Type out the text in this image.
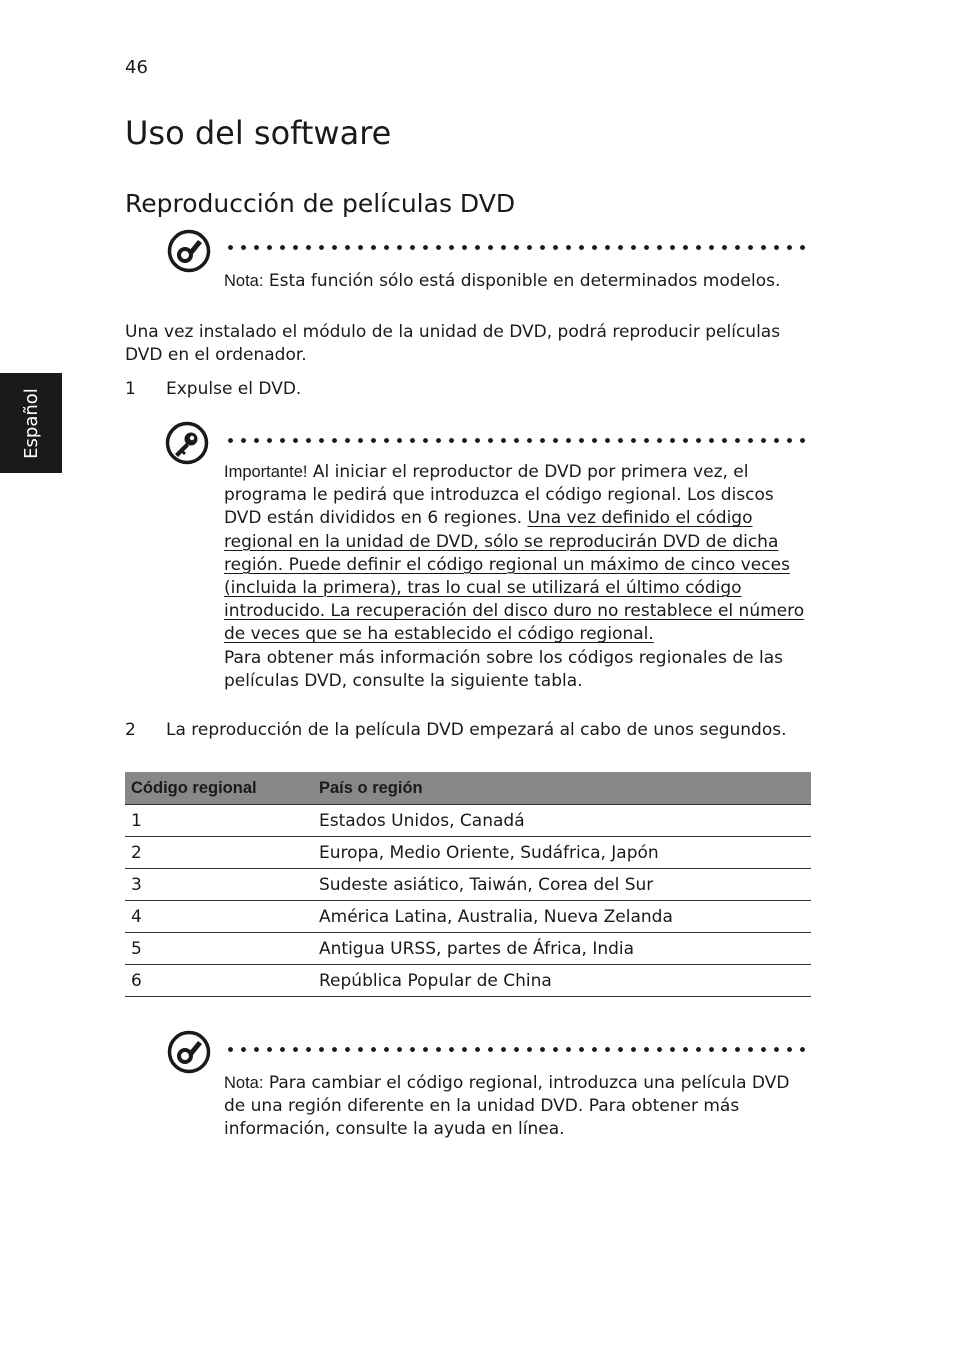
46
Español
Uso del software
Reproducción de películas DVD
Nota: Esta función sólo está disponible en determinados modelos.
Una vez instalado el módulo de la unidad de DVD, podrá reproducir películas DVD en el ordenador.
1 Expulse el DVD.
Importante! Al iniciar el reproductor de DVD por primera vez, el programa le pedirá que introduzca el código regional. Los discos DVD están divididos en 6 regiones. Una vez definido el código regional en la unidad de DVD, sólo se reproducirán DVD de dicha región. Puede definir el código regional un máximo de cinco veces (incluida la primera), tras lo cual se utilizará el último código introducido. La recuperación del disco duro no restablece el número de veces que se ha establecido el código regional.
Para obtener más información sobre los códigos regionales de las películas DVD, consulte la siguiente tabla.
2 La reproducción de la película DVD empezará al cabo de unos segundos.
Código regional	País o región
1	Estados Unidos, Canadá
2	Europa, Medio Oriente, Sudáfrica, Japón
3	Sudeste asiático, Taiwán, Corea del Sur
4	América Latina, Australia, Nueva Zelanda
5	Antigua URSS, partes de África, India
6	República Popular de China
Nota: Para cambiar el código regional, introduzca una película DVD de una región diferente en la unidad DVD. Para obtener más información, consulte la ayuda en línea.
